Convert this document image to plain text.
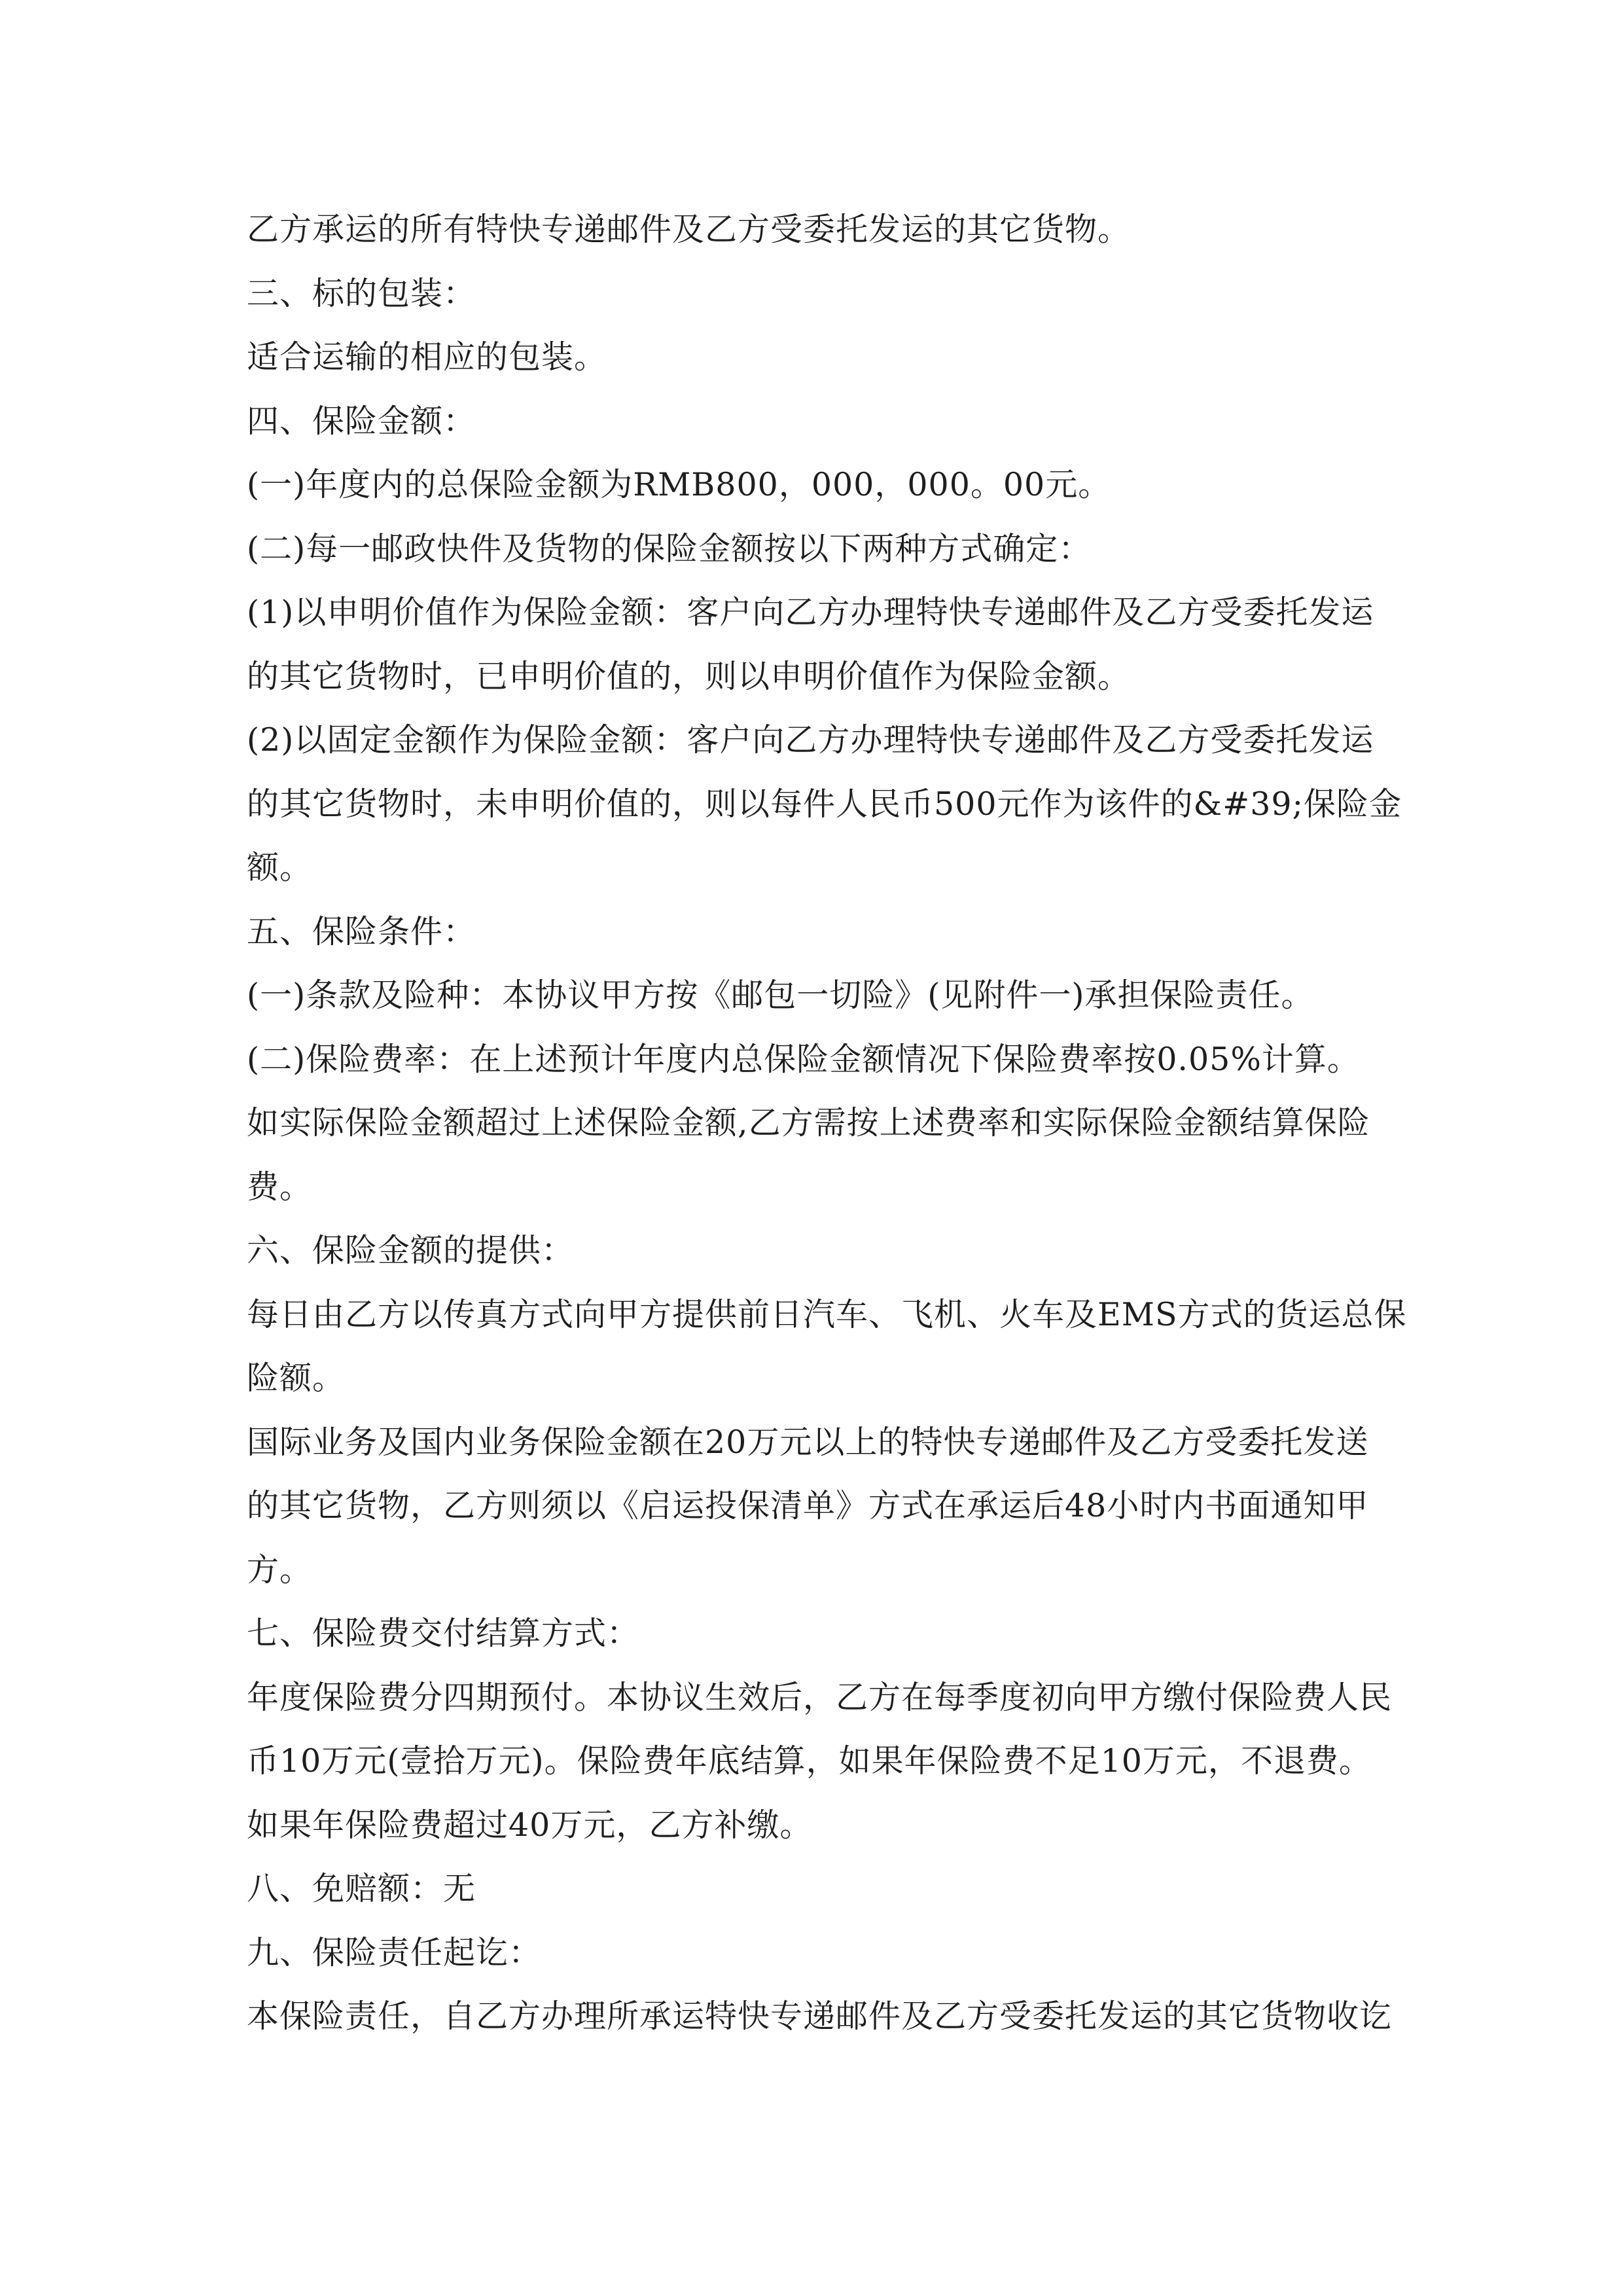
乙方承运的所有特快专递邮件及乙方受委托发运的其它货物。
三、标的包装：
适合运输的相应的包装。
四、保险金额：
(一)年度内的总保险金额为RMB800，000，000。00元。
(二)每一邮政快件及货物的保险金额按以下两种方式确定：
(1)以申明价值作为保险金额：客户向乙方办理特快专递邮件及乙方受委托发运
的其它货物时，已申明价值的，则以申明价值作为保险金额。
(2)以固定金额作为保险金额：客户向乙方办理特快专递邮件及乙方受委托发运
的其它货物时，未申明价值的，则以每件人民币500元作为该件的&#39;保险金
额。
五、保险条件：
(一)条款及险种：本协议甲方按《邮包一切险》(见附件一)承担保险责任。
(二)保险费率：在上述预计年度内总保险金额情况下保险费率按0.05%计算。
如实际保险金额超过上述保险金额,乙方需按上述费率和实际保险金额结算保险
费。
六、保险金额的提供：
每日由乙方以传真方式向甲方提供前日汽车、飞机、火车及EMS方式的货运总保
险额。
国际业务及国内业务保险金额在20万元以上的特快专递邮件及乙方受委托发送
的其它货物，乙方则须以《启运投保清单》方式在承运后48小时内书面通知甲
方。
七、保险费交付结算方式：
年度保险费分四期预付。本协议生效后，乙方在每季度初向甲方缴付保险费人民
币10万元(壹拾万元)。保险费年底结算，如果年保险费不足10万元，不退费。
如果年保险费超过40万元，乙方补缴。
八、免赔额：无
九、保险责任起讫：
本保险责任，自乙方办理所承运特快专递邮件及乙方受委托发运的其它货物收讫
